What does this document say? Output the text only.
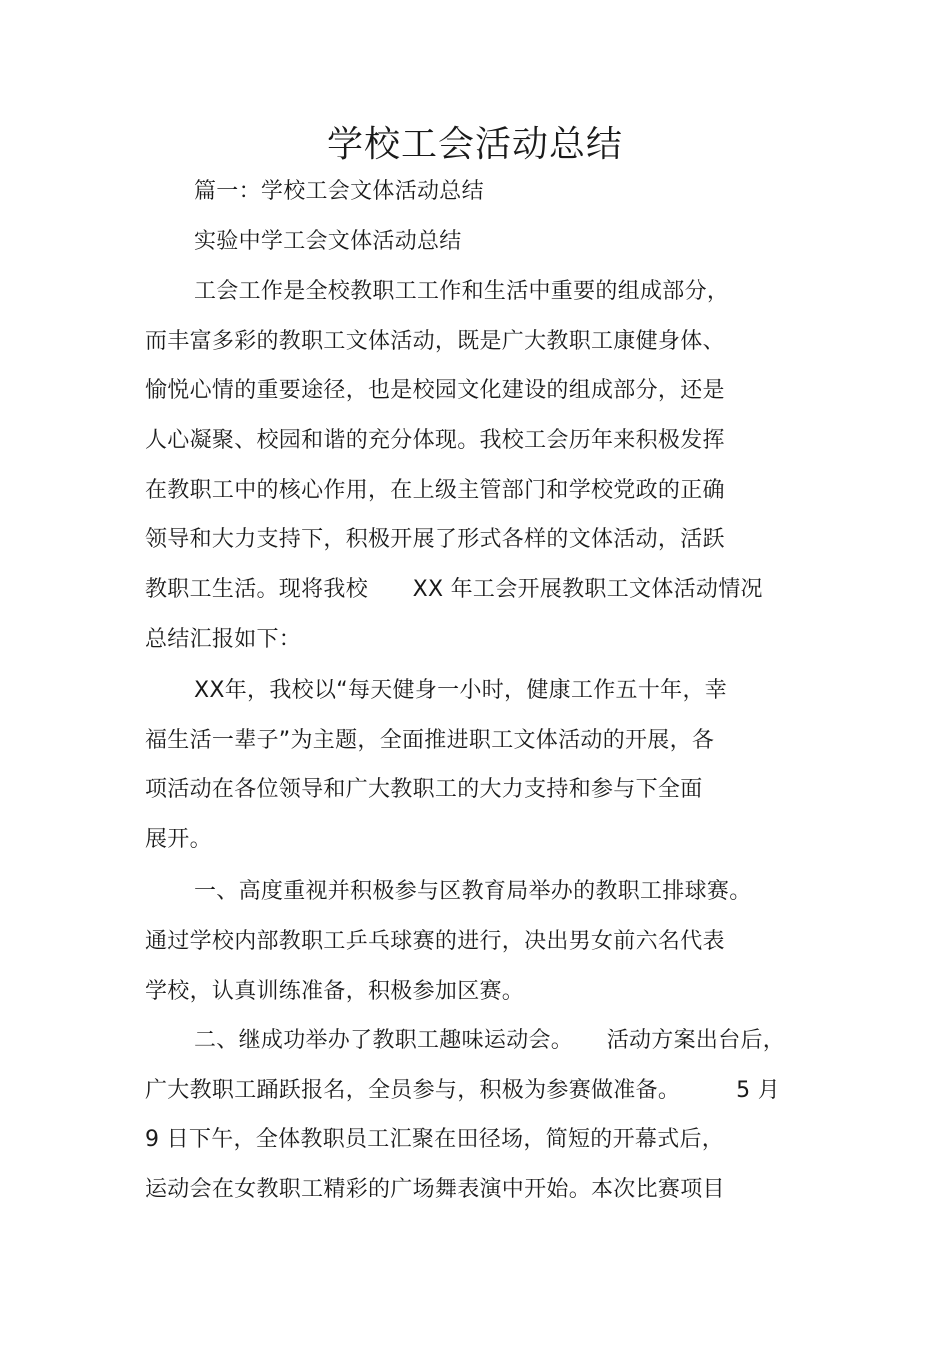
学校工会活动总结
篇一：学校工会文体活动总结
实验中学工会文体活动总结
工会工作是全校教职工工作和生活中重要的组成部分，
而丰富多彩的教职工文体活动，既是广大教职工康健身体、
愉悦心情的重要途径，也是校园文化建设的组成部分，还是
人心凝聚、校园和谐的充分体现。我校工会历年来积极发挥
在教职工中的核心作用，在上级主管部门和学校党政的正确
领导和大力支持下，积极开展了形式各样的文体活动，活跃
教职工生活。现将我校　　XX 年工会开展教职工文体活动情况
总结汇报如下：
XX年，我校以“每天健身一小时，健康工作五十年，幸
福生活一辈子”为主题，全面推进职工文体活动的开展，各
项活动在各位领导和广大教职工的大力支持和参与下全面
展开。
一、高度重视并积极参与区教育局举办的教职工排球赛。
通过学校内部教职工乒乓球赛的进行，决出男女前六名代表
学校，认真训练准备，积极参加区赛。
二、继成功举办了教职工趣味运动会。　　活动方案出台后，
广大教职工踊跃报名，全员参与，积极为参赛做准备。　　　5 月
9 日下午，全体教职员工汇聚在田径场，简短的开幕式后，
运动会在女教职工精彩的广场舞表演中开始。本次比赛项目
